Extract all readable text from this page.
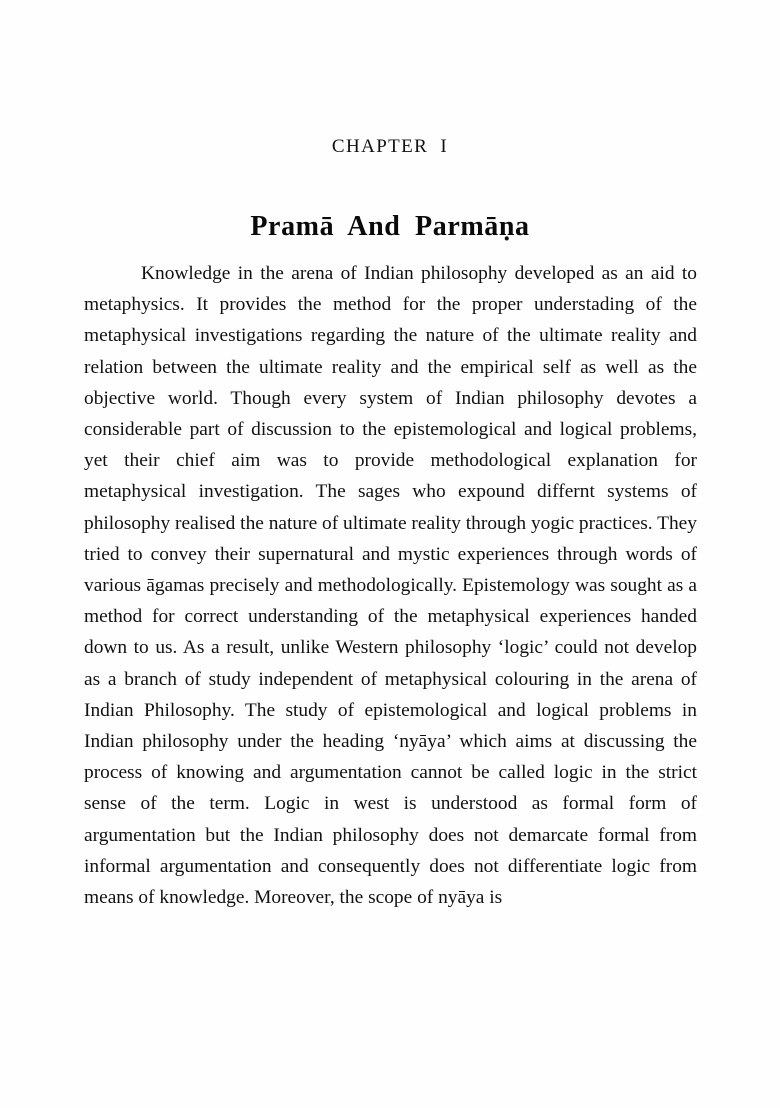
CHAPTER I
Pramā And Parmāṇa

Knowledge in the arena of Indian philosophy developed as an aid to metaphysics. It provides the method for the proper understading of the metaphysical investigations regarding the nature of the ultimate reality and relation between the ultimate reality and the empirical self as well as the objective world. Though every system of Indian philosophy devotes a considerable part of discussion to the epistemological and logical problems, yet their chief aim was to provide methodological explanation for metaphysical investigation. The sages who expound differnt systems of philosophy realised the nature of ultimate reality through yogic practices. They tried to convey their supernatural and mystic experiences through words of various āgamas precisely and methodologically. Epistemology was sought as a method for correct understanding of the metaphysical experiences handed down to us. As a result, unlike Western philosophy ‘logic’ could not develop as a branch of study independent of metaphysical colouring in the arena of Indian Philosophy. The study of epistemological and logical problems in Indian philosophy under the heading ‘nyāya’ which aims at discussing the process of knowing and argumentation cannot be called logic in the strict sense of the term. Logic in west is understood as formal form of argumentation but the Indian philosophy does not demarcate formal from informal argumentation and consequently does not differentiate logic from means of knowledge. Moreover, the scope of nyāya is
